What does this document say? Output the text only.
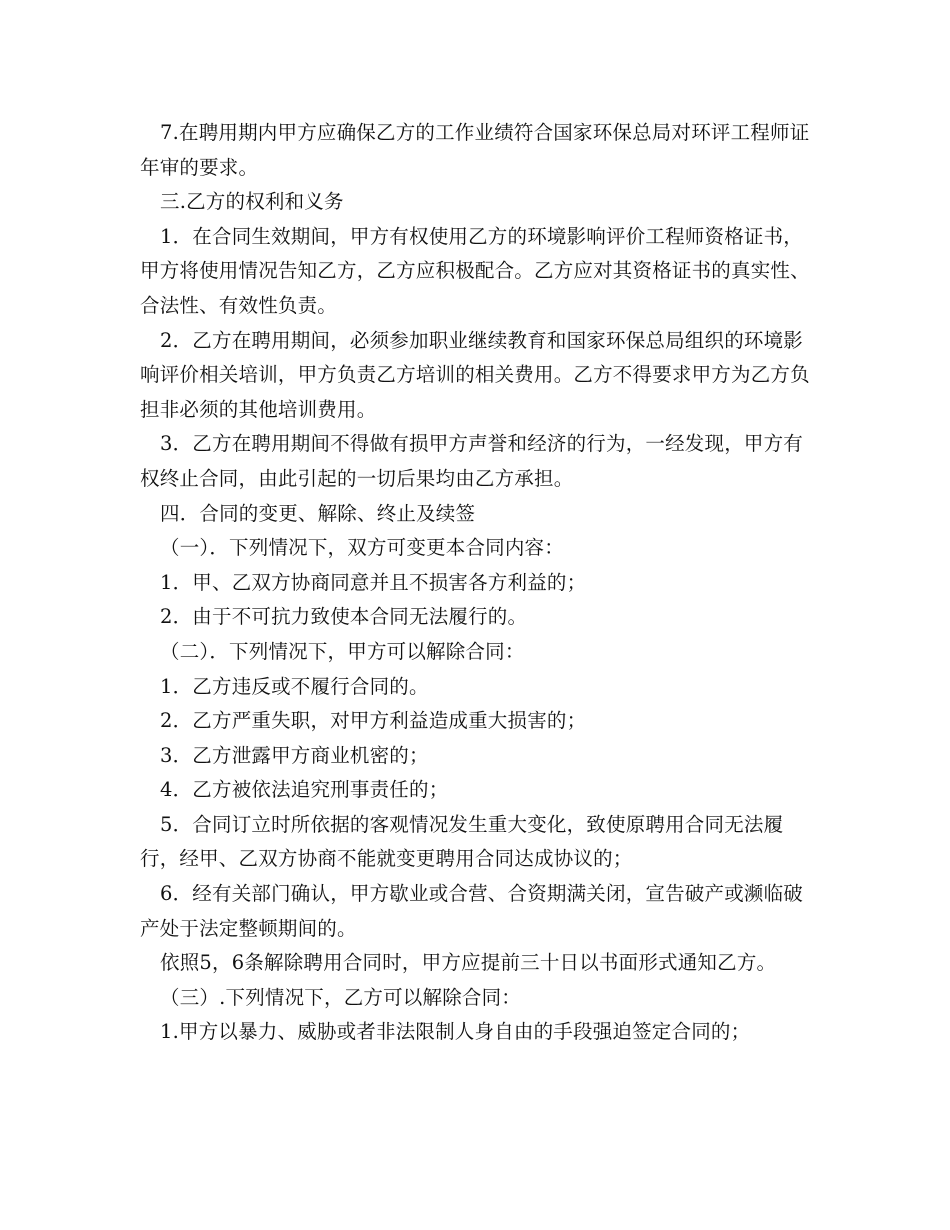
7.在聘用期内甲方应确保乙方的工作业绩符合国家环保总局对环评工程师证年审的要求。

三.乙方的权利和义务

1．在合同生效期间，甲方有权使用乙方的环境影响评价工程师资格证书，甲方将使用情况告知乙方，乙方应积极配合。乙方应对其资格证书的真实性、合法性、有效性负责。

2．乙方在聘用期间，必须参加职业继续教育和国家环保总局组织的环境影响评价相关培训，甲方负责乙方培训的相关费用。乙方不得要求甲方为乙方负担非必须的其他培训费用。

3．乙方在聘用期间不得做有损甲方声誉和经济的行为，一经发现，甲方有权终止合同，由此引起的一切后果均由乙方承担。

四．合同的变更、解除、终止及续签

（一）．下列情况下，双方可变更本合同内容：

1．甲、乙双方协商同意并且不损害各方利益的；

2．由于不可抗力致使本合同无法履行的。

（二）．下列情况下，甲方可以解除合同：

1．乙方违反或不履行合同的。

2．乙方严重失职，对甲方利益造成重大损害的；

3．乙方泄露甲方商业机密的；

4．乙方被依法追究刑事责任的；

5．合同订立时所依据的客观情况发生重大变化，致使原聘用合同无法履行，经甲、乙双方协商不能就变更聘用合同达成协议的；

6．经有关部门确认，甲方歇业或合营、合资期满关闭，宣告破产或濒临破产处于法定整顿期间的。

依照5，6条解除聘用合同时，甲方应提前三十日以书面形式通知乙方。

（三）.下列情况下，乙方可以解除合同：

1.甲方以暴力、威胁或者非法限制人身自由的手段强迫签定合同的；
